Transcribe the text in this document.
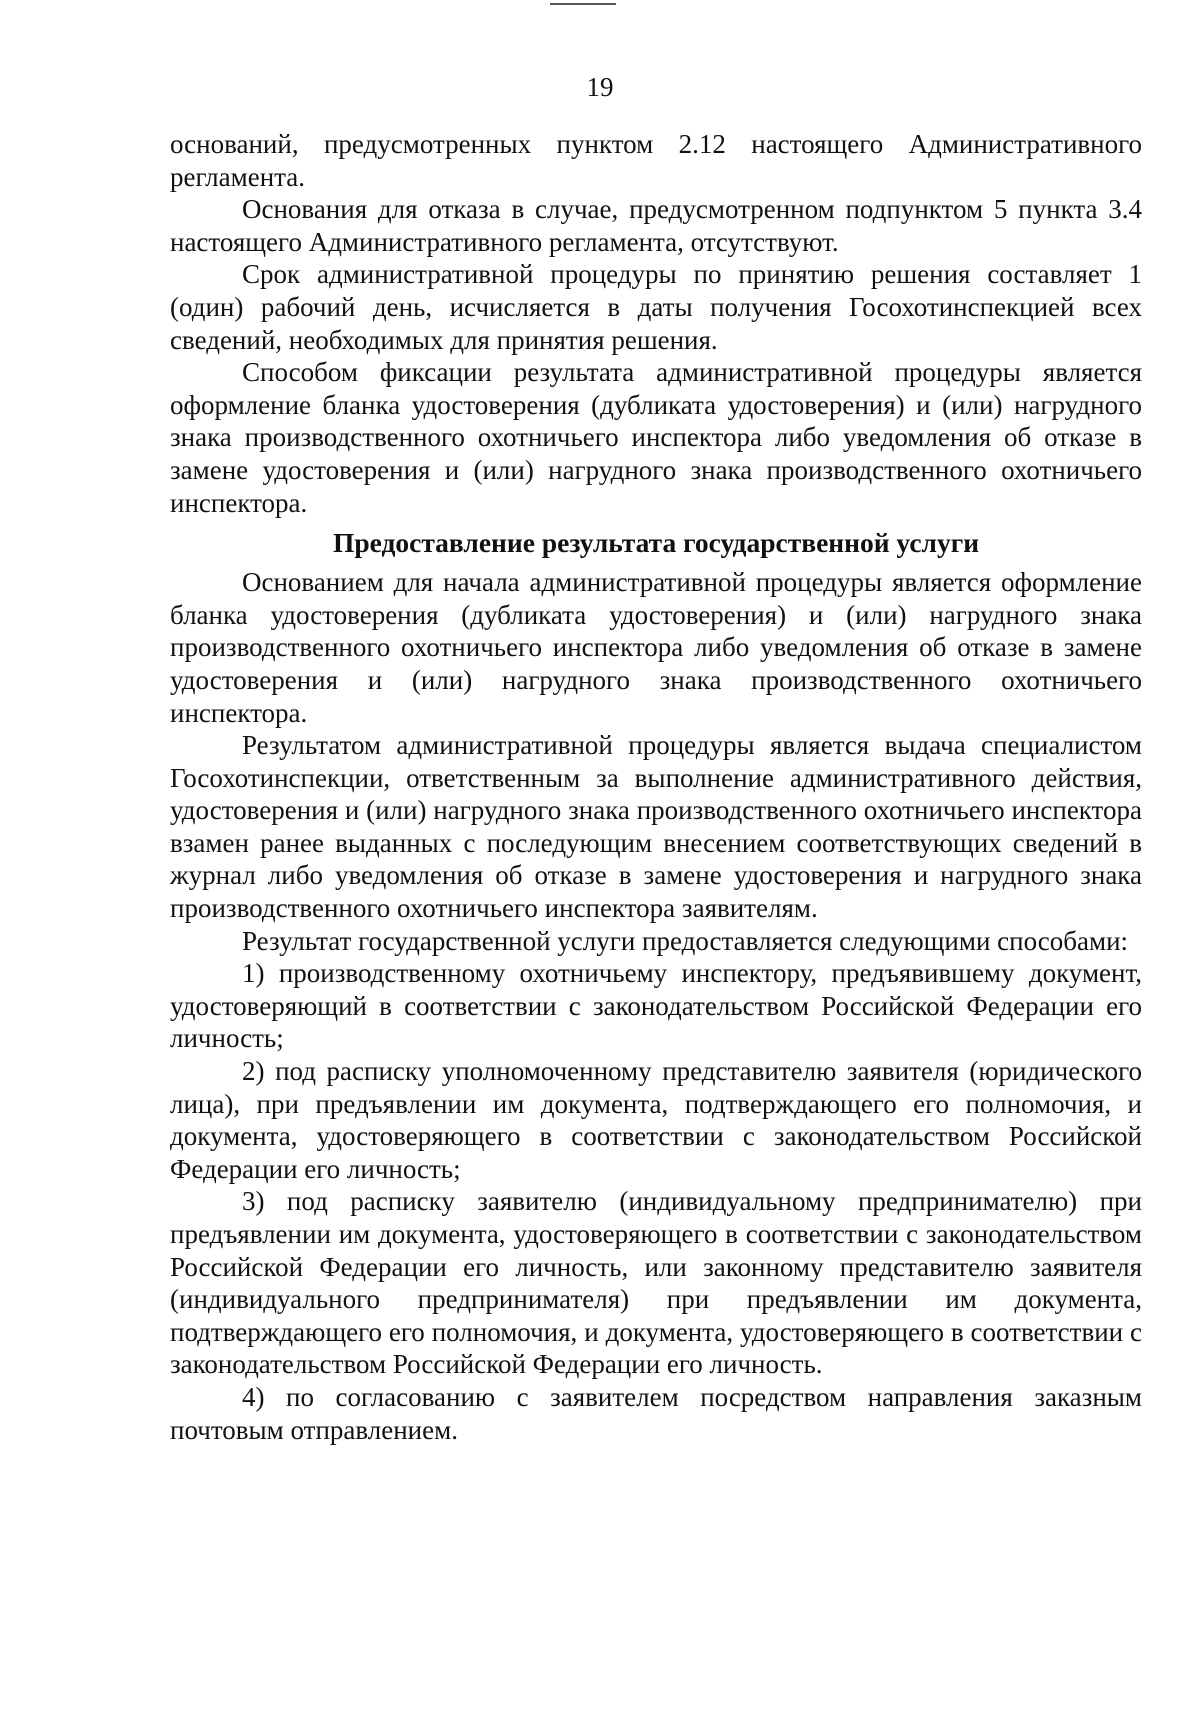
19

оснований, предусмотренных пунктом 2.12 настоящего Административного регламента.

Основания для отказа в случае, предусмотренном подпунктом 5 пункта 3.4 настоящего Административного регламента, отсутствуют.

Срок административной процедуры по принятию решения составляет 1 (один) рабочий день, исчисляется в даты получения Госохотинспекцией всех сведений, необходимых для принятия решения.

Способом фиксации результата административной процедуры является оформление бланка удостоверения (дубликата удостоверения) и (или) нагрудного знака производственного охотничьего инспектора либо уведомления об отказе в замене удостоверения и (или) нагрудного знака производственного охотничьего инспектора.

Предоставление результата государственной услуги

Основанием для начала административной процедуры является оформление бланка удостоверения (дубликата удостоверения) и (или) нагрудного знака производственного охотничьего инспектора либо уведомления об отказе в замене удостоверения и (или) нагрудного знака производственного охотничьего инспектора.

Результатом административной процедуры является выдача специалистом Госохотинспекции, ответственным за выполнение административного действия, удостоверения и (или) нагрудного знака производственного охотничьего инспектора взамен ранее выданных с последующим внесением соответствующих сведений в журнал либо уведомления об отказе в замене удостоверения и нагрудного знака производственного охотничьего инспектора заявителям.

Результат государственной услуги предоставляется следующими способами:

1) производственному охотничьему инспектору, предъявившему документ, удостоверяющий в соответствии с законодательством Российской Федерации его личность;

2) под расписку уполномоченному представителю заявителя (юридического лица), при предъявлении им документа, подтверждающего его полномочия, и документа, удостоверяющего в соответствии с законодательством Российской Федерации его личность;

3) под расписку заявителю (индивидуальному предпринимателю) при предъявлении им документа, удостоверяющего в соответствии с законодательством Российской Федерации его личность, или законному представителю заявителя (индивидуального предпринимателя) при предъявлении им документа, подтверждающего его полномочия, и документа, удостоверяющего в соответствии с законодательством Российской Федерации его личность.

4) по согласованию с заявителем посредством направления заказным почтовым отправлением.
